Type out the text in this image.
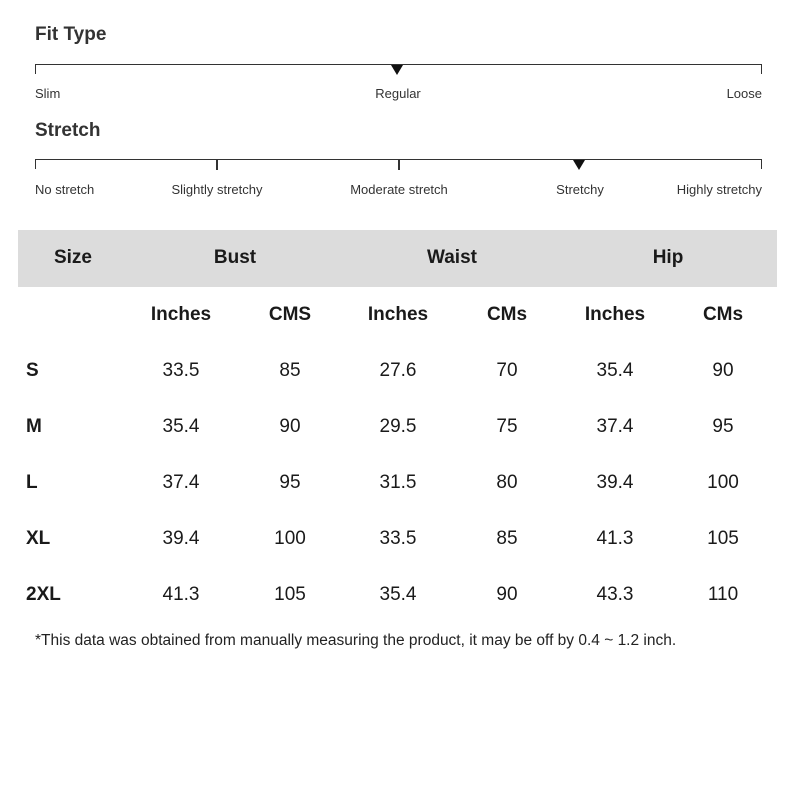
Fit Type
Slim	Regular	Loose
Stretch
No stretch	Slightly stretchy	Moderate stretch	Stretchy	Highly stretchy
Size	Bust	Waist	Hip
Inches	CMS	Inches	CMs	Inches	CMs
S	33.5	85	27.6	70	35.4	90
M	35.4	90	29.5	75	37.4	95
L	37.4	95	31.5	80	39.4	100
XL	39.4	100	33.5	85	41.3	105
2XL	41.3	105	35.4	90	43.3	110
*This data was obtained from manually measuring the product, it may be off by 0.4 ~ 1.2 inch.
